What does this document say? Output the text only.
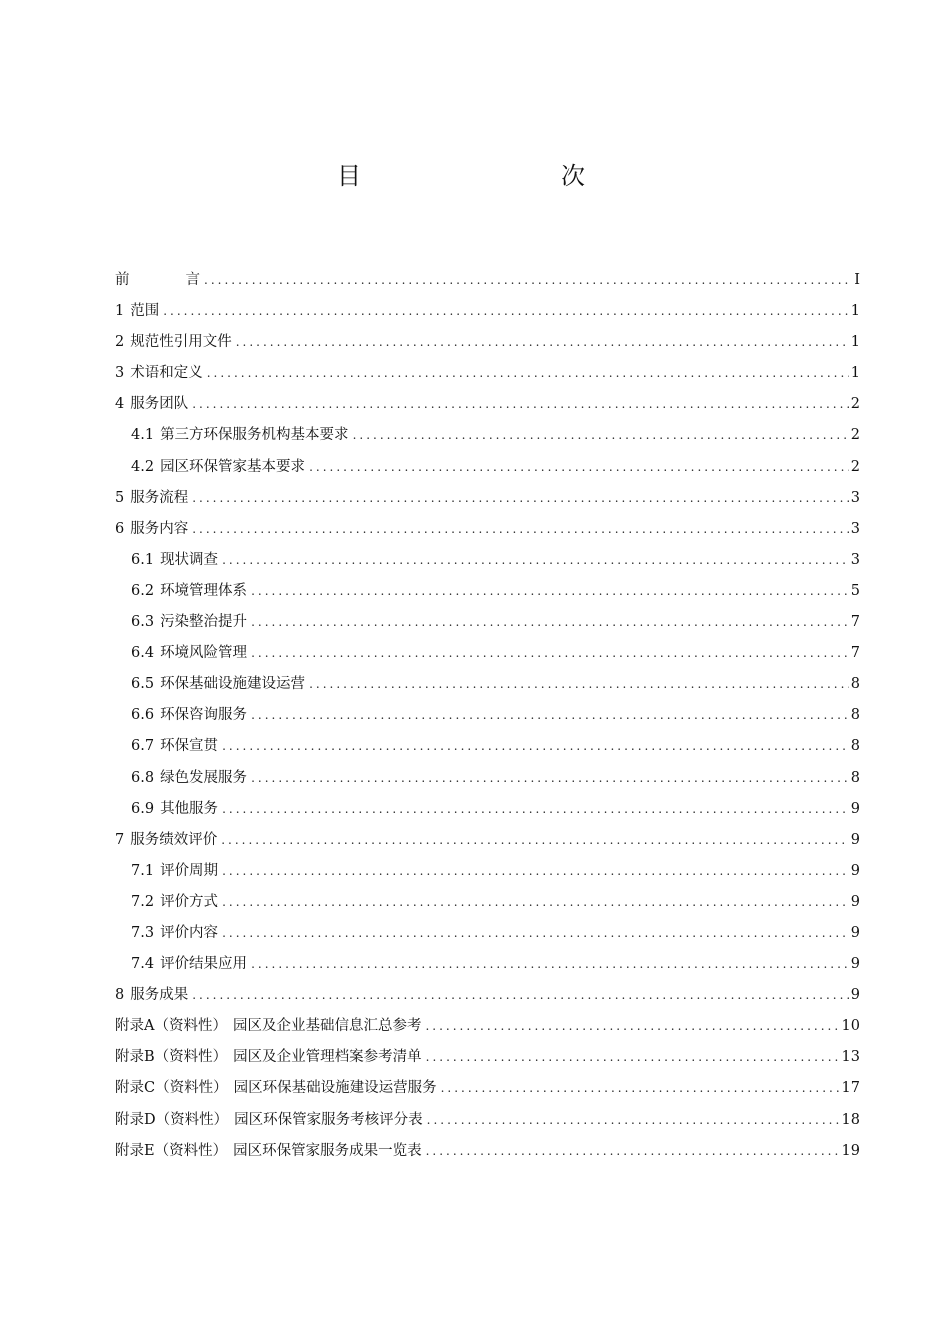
目　次
前言 .....	I
1 范围 .....	1
2 规范性引用文件 .....	1
3 术语和定义 .....	1
4 服务团队 .....	2
4.1 第三方环保服务机构基本要求 .....	2
4.2 园区环保管家基本要求 .....	2
5 服务流程 .....	3
6 服务内容 .....	3
6.1 现状调查 .....	3
6.2 环境管理体系 .....	5
6.3 污染整治提升 .....	7
6.4 环境风险管理 .....	7
6.5 环保基础设施建设运营 .....	8
6.6 环保咨询服务 .....	8
6.7 环保宣贯 .....	8
6.8 绿色发展服务 .....	8
6.9 其他服务 .....	9
7 服务绩效评价 .....	9
7.1 评价周期 .....	9
7.2 评价方式 .....	9
7.3 评价内容 .....	9
7.4 评价结果应用 .....	9
8 服务成果 .....	9
附录A（资料性） 园区及企业基础信息汇总参考 .....	10
附录B（资料性） 园区及企业管理档案参考清单 .....	13
附录C（资料性） 园区环保基础设施建设运营服务 .....	17
附录D（资料性） 园区环保管家服务考核评分表 .....	18
附录E（资料性） 园区环保管家服务成果一览表 .....	19
